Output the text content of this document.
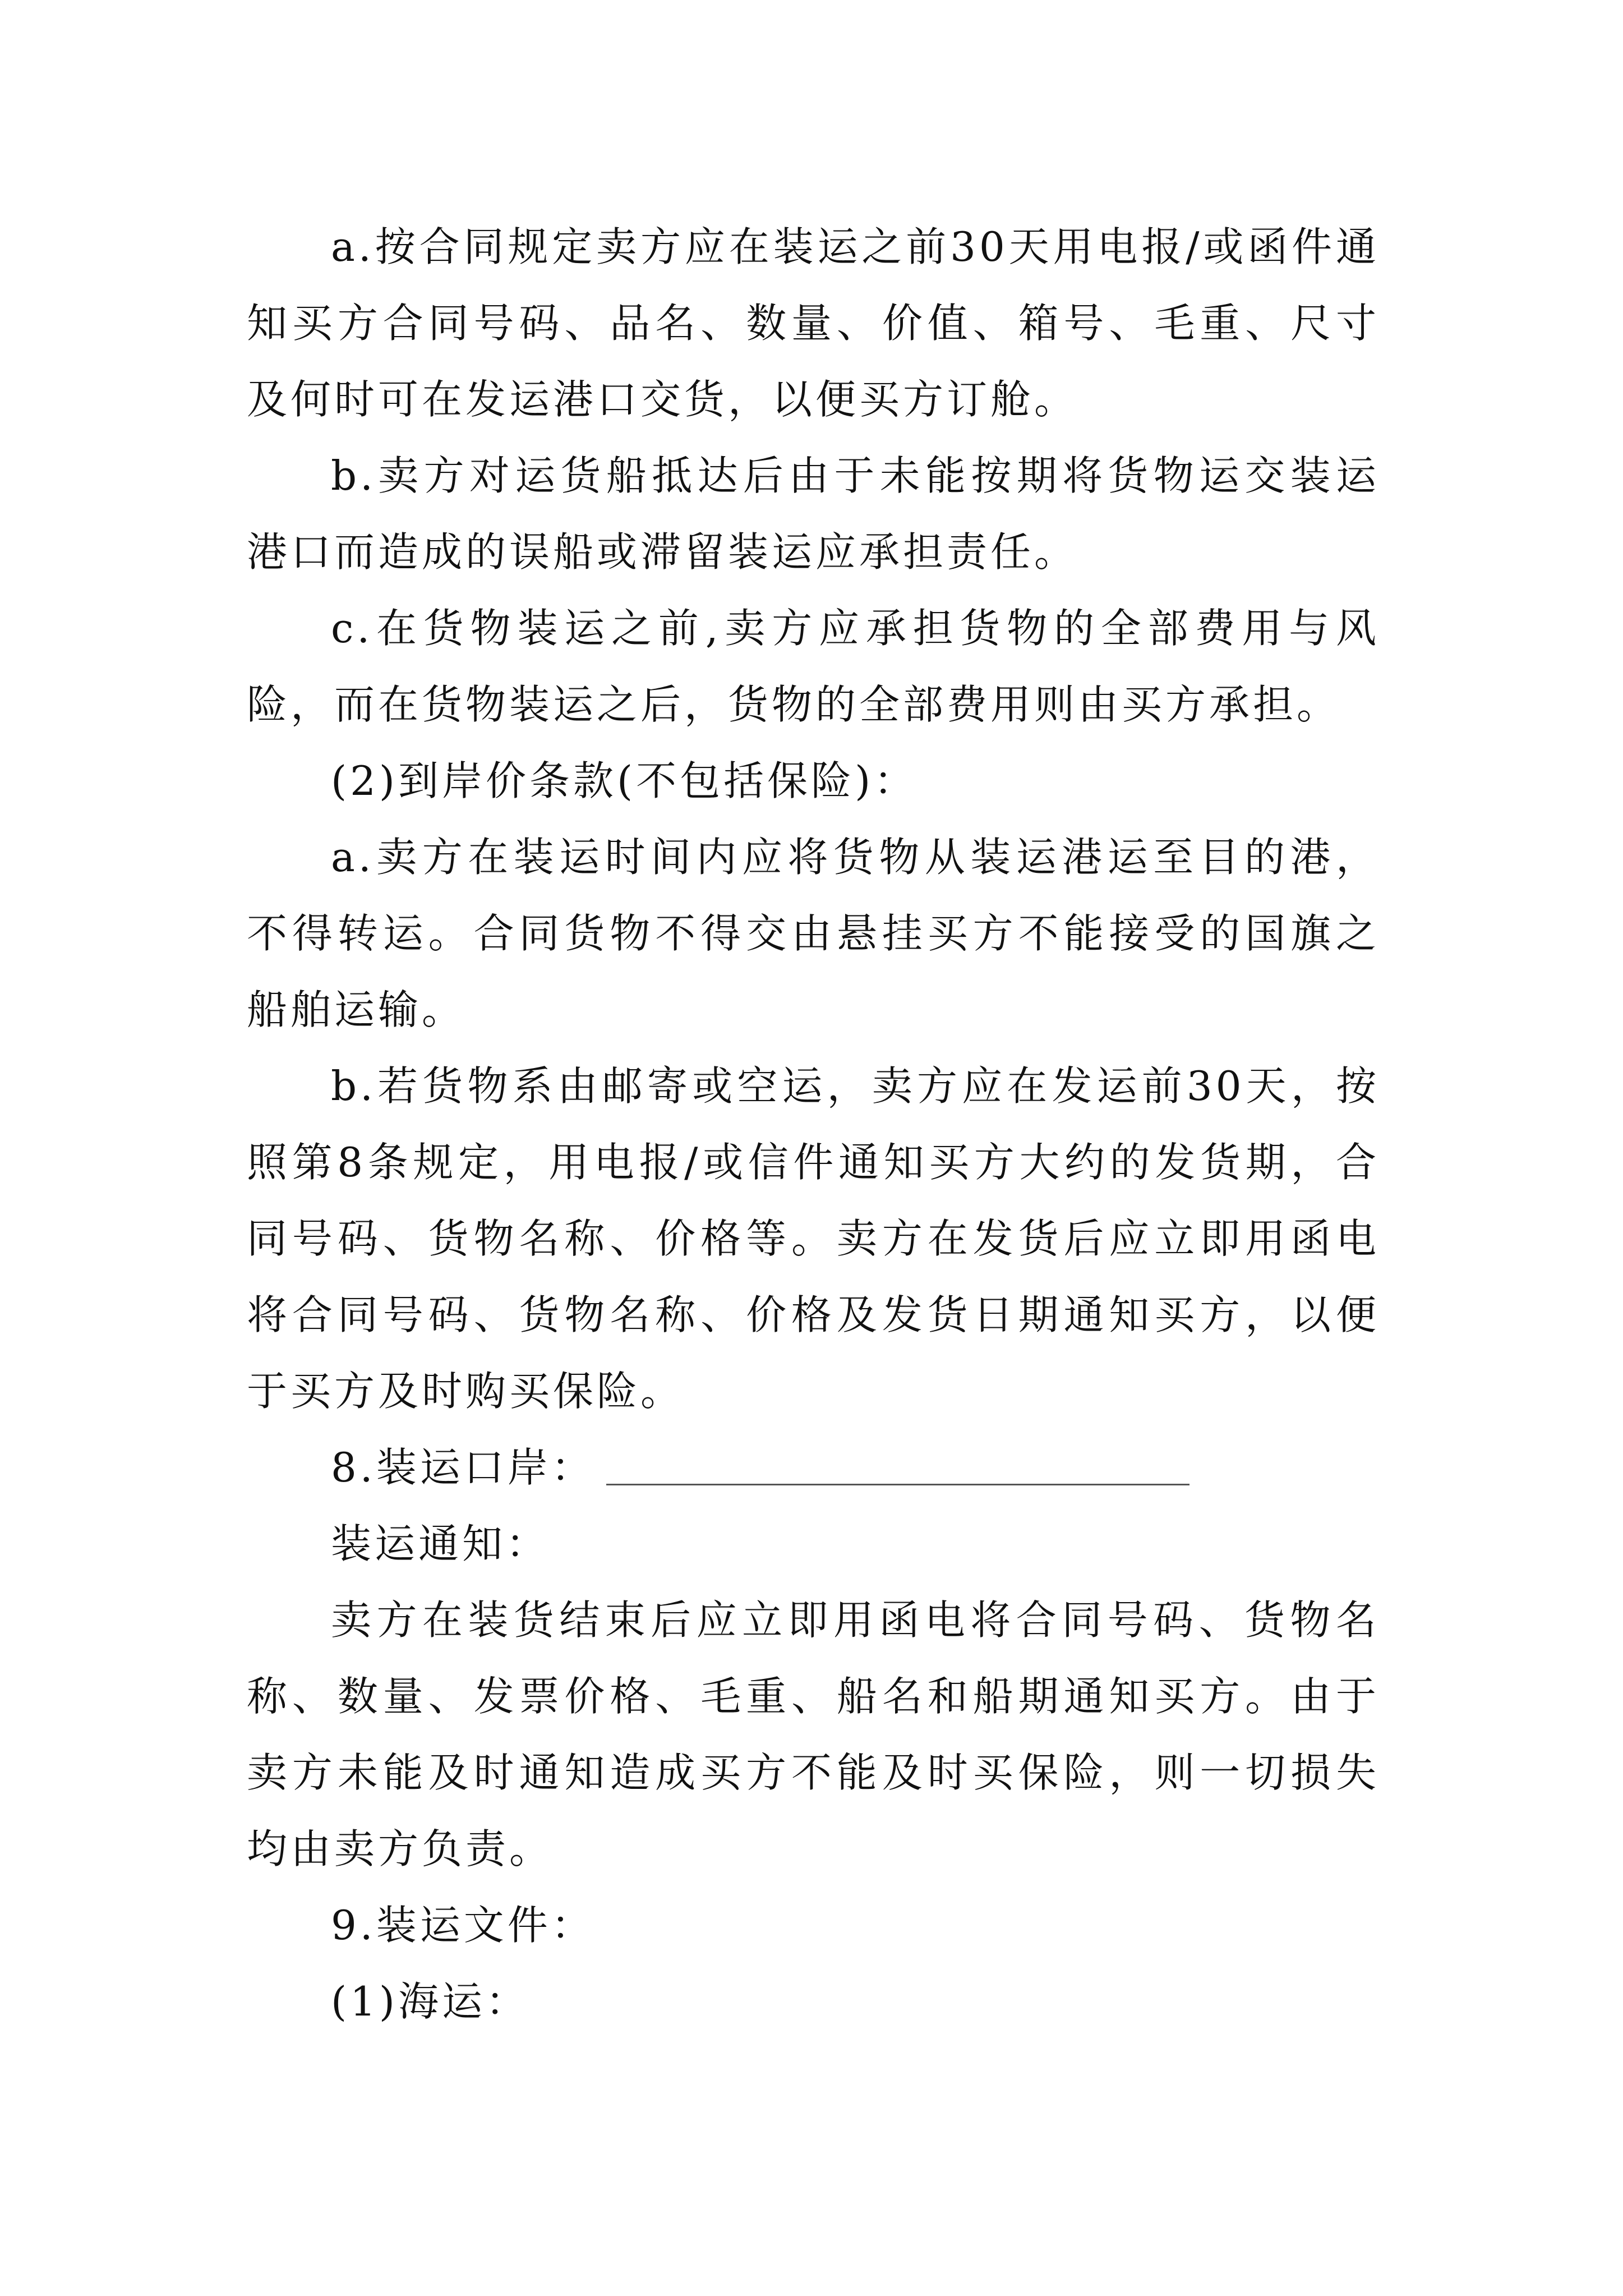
a.按合同规定卖方应在装运之前30天用电报/或函件通知买方合同号码、品名、数量、价值、箱号、毛重、尺寸及何时可在发运港口交货，以便买方订舱。

b.卖方对运货船抵达后由于未能按期将货物运交装运港口而造成的误船或滞留装运应承担责任。

c.在货物装运之前,卖方应承担货物的全部费用与风险，而在货物装运之后，货物的全部费用则由买方承担。

(2)到岸价条款(不包括保险)：

a.卖方在装运时间内应将货物从装运港运至目的港，不得转运。合同货物不得交由悬挂买方不能接受的国旗之船舶运输。

b.若货物系由邮寄或空运，卖方应在发运前30天，按照第8条规定，用电报/或信件通知买方大约的发货期，合同号码、货物名称、价格等。卖方在发货后应立即用函电将合同号码、货物名称、价格及发货日期通知买方，以便于买方及时购买保险。

8.装运口岸：

装运通知：

卖方在装货结束后应立即用函电将合同号码、货物名称、数量、发票价格、毛重、船名和船期通知买方。由于卖方未能及时通知造成买方不能及时买保险，则一切损失均由卖方负责。

9.装运文件：

(1)海运：
